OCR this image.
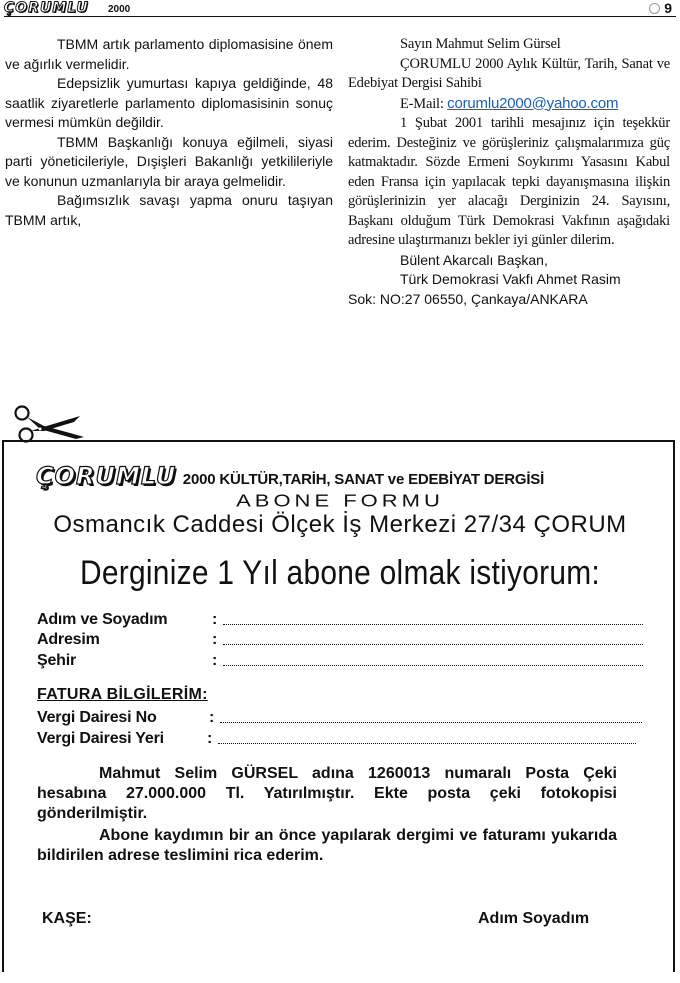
ÇORUMLU 2000	9

TBMM artık parlamento diplomasisine önem ve ağırlık vermelidir.

Edepsizlik yumurtası kapıya geldiğinde, 48 saatlik ziyaretlerle parlamento diplomasisinin sonuç vermesi mümkün değildir.

TBMM Başkanlığı konuya eğilmeli, siyasi parti yöneticileriyle, Dışişleri Bakanlığı yetkilileriyle ve konunun uzmanlarıyla bir araya gelmelidir.

Bağımsızlık savaşı yapma onuru taşıyan TBMM artık,

Sayın Mahmut Selim Gürsel

ÇORUMLU 2000 Aylık Kültür, Tarih, Sanat ve Edebiyat Dergisi Sahibi

E-Mail: corumlu2000@yahoo.com

1 Şubat 2001 tarihli mesajınız için teşekkür ederim. Desteğiniz ve görüşleriniz çalışmalarımıza güç katmaktadır. Sözde Ermeni Soykırımı Yasasını Kabul eden Fransa için yapılacak tepki dayanışmasına ilişkin görüşlerinizin yer alacağı Derginizin 24. Sayısını, Başkanı olduğum Türk Demokrasi Vakfının aşağıdaki adresine ulaştırmanızı bekler iyi günler dilerim.

Bülent Akarcalı Başkan,

Türk Demokrasi Vakfı Ahmet Rasim

Sok: NO:27 06550, Çankaya/ANKARA

ÇORUMLU 2000 KÜLTÜR,TARİH, SANAT ve EDEBİYAT DERGİSİ
ABONE FORMU
Osmancık Caddesi Ölçek İş Merkezi 27/34 ÇORUM
Derginize 1 Yıl abone olmak istiyorum:
Adım ve Soyadım	:
Adresim	:
Şehir	:
FATURA BİLGİLERİM:
Vergi Dairesi No	:
Vergi Dairesi Yeri	:

Mahmut Selim GÜRSEL adına 1260013 numaralı Posta Çeki hesabına 27.000.000 Tl. Yatırılmıştır. Ekte posta çeki fotokopisi gönderilmiştir.

Abone kaydımın bir an önce yapılarak dergimi ve faturamı yukarıda bildirilen adrese teslimini rica ederim.

KAŞE:	Adım Soyadım
